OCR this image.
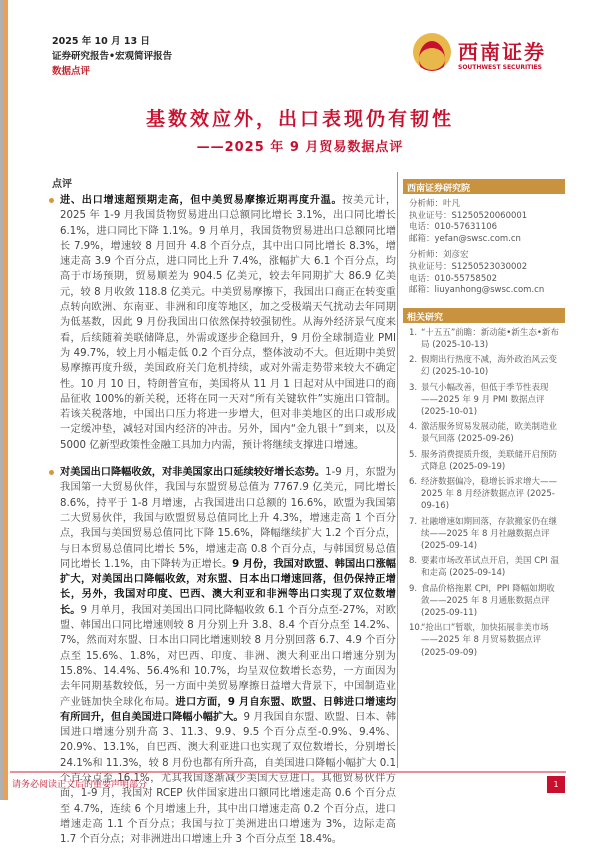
2025 年 10 月 13 日
证券研究报告•宏观简评报告
数据点评
西南证券
SOUTHWEST SECURITIES
基数效应外，出口表现仍有韧性
——2025 年 9 月贸易数据点评
点评
进、出口增速超预期走高，但中美贸易摩擦近期再度升温。按美元计，2025 年 1-9 月我国货物贸易进出口总额同比增长 3.1%，出口同比增长 6.1%，进口同比下降 1.1%。9 月单月，我国货物贸易进出口总额同比增长 7.9%，增速较 8 月回升 4.8 个百分点，其中出口同比增长 8.3%，增速走高 3.9 个百分点，进口同比上升 7.4%，涨幅扩大 6.1 个百分点，均高于市场预期，贸易顺差为 904.5 亿美元，较去年同期扩大 86.9 亿美元，较 8 月收敛 118.8 亿美元。中美贸易摩擦下，我国出口商正在转变重点转向欧洲、东南亚、非洲和印度等地区，加之受极端天气扰动去年同期为低基数，因此 9 月份我国出口依然保持较强韧性。从海外经济景气度来看，后续随着美联储降息，外需或逐步企稳回升，9 月份全球制造业 PMI 为 49.7%，较上月小幅走低 0.2 个百分点，整体波动不大。但近期中美贸易摩擦再度升级，美国政府关门危机持续，或对外需走势带来较大不确定性。10 月 10 日，特朗普宣布，美国将从 11 月 1 日起对从中国进口的商品征收 100%的新关税，还将在同一天对“所有关键软件”实施出口管制。若该关税落地，中国出口压力将进一步增大，但对非美地区的出口或形成一定缓冲垫，减轻对国内经济的冲击。另外，国内“金九银十”到来，以及 5000 亿新型政策性金融工具加力内需，预计将继续支撑进口增速。
对美国出口降幅收敛，对非美国家出口延续较好增长态势。1-9 月，东盟为我国第一大贸易伙伴，我国与东盟贸易总值为 7767.9 亿美元，同比增长 8.6%，持平于 1-8 月增速，占我国进出口总额的 16.6%，欧盟为我国第二大贸易伙伴，我国与欧盟贸易总值同比上升 4.3%，增速走高 1 个百分点，我国与美国贸易总值同比下降 15.6%，降幅继续扩大 1.2 个百分点，与日本贸易总值同比增长 5%，增速走高 0.8 个百分点，与韩国贸易总值同比增长 1.1%，由下降转为正增长。9 月份，我国对欧盟、韩国出口涨幅扩大，对美国出口降幅收敛，对东盟、日本出口增速回落，但仍保持正增长，另外，我国对印度、巴西、澳大利亚和非洲等出口实现了双位数增长。9 月单月，我国对美国出口同比降幅收敛 6.1 个百分点至-27%，对欧盟、韩国出口同比增速则较 8 月分别上升 3.8、8.4 个百分点至 14.2%、7%，然而对东盟、日本出口同比增速则较 8 月分别回落 6.7、4.9 个百分点至 15.6%、1.8%，对巴西、印度、非洲、澳大利亚出口增速分别为 15.8%、14.4%、56.4%和 10.7%，均呈双位数增长态势，一方面因为去年同期基数较低，另一方面中美贸易摩擦日益增大背景下，中国制造业产业链加快全球化布局。进口方面，9 月自东盟、欧盟、日韩进口增速均有所回升，但自美国进口降幅小幅扩大。9 月我国自东盟、欧盟、日本、韩国进口增速分别升高 3、11.3、9.9、9.5 个百分点至-0.9%、9.4%、20.9%、13.1%，自巴西、澳大利亚进口也实现了双位数增长，分别增长 24.1%和 11.3%，较 8 月份也都有所升高，自美国进口降幅小幅扩大 0.1 个百分点至 16.1%，尤其我国逐渐减少美国大豆进口。其他贸易伙伴方面，1-9 月，我国对 RCEP 伙伴国家进出口额同比增速走高 0.6 个百分点至 4.7%，连续 6 个月增速上升，其中出口增速走高 0.2 个百分点，进口增速走高 1.1 个百分点；我国与拉丁美洲进出口增速为 3%，边际走高 1.7 个百分点；对非洲进出口增速上升 3 个百分点至 18.4%。
西南证券研究院
分析师：叶凡
执业证号：S1250520060001
电话：010-57631106
邮箱：yefan@swsc.com.cn
分析师：刘彦宏
执业证号：S1250523030002
电话：010-55758502
邮箱：liuyanhong@swsc.com.cn
相关研究
1. “十五五”前瞻：新动能•新生态•新布局 (2025-10-13)
2. 假期出行热度不减，海外政治风云变幻 (2025-10-10)
3. 景气小幅改善，但低于季节性表现——2025 年 9 月 PMI 数据点评 (2025-10-01)
4. 激活服务贸易发展动能，欧美制造业景气回落 (2025-09-26)
5. 服务消费提质升级，美联储开启预防式降息 (2025-09-19)
6. 经济数据偏冷，稳增长诉求增大——2025 年 8 月经济数据点评 (2025-09-16)
7. 社融增速如期回落，存款搬家仍在继续——2025 年 8 月社融数据点评 (2025-09-14)
8. 要素市场改革试点开启，美国 CPI 温和走高 (2025-09-14)
9. 食品价格拖累 CPI，PPI 降幅如期收敛——2025 年 8 月通胀数据点评 (2025-09-11)
10.
“抢出口”暂歇，加快拓展非美市场——2025 年 8 月贸易数据点评 (2025-09-09)
请务必阅读正文后的重要声明部分	1
